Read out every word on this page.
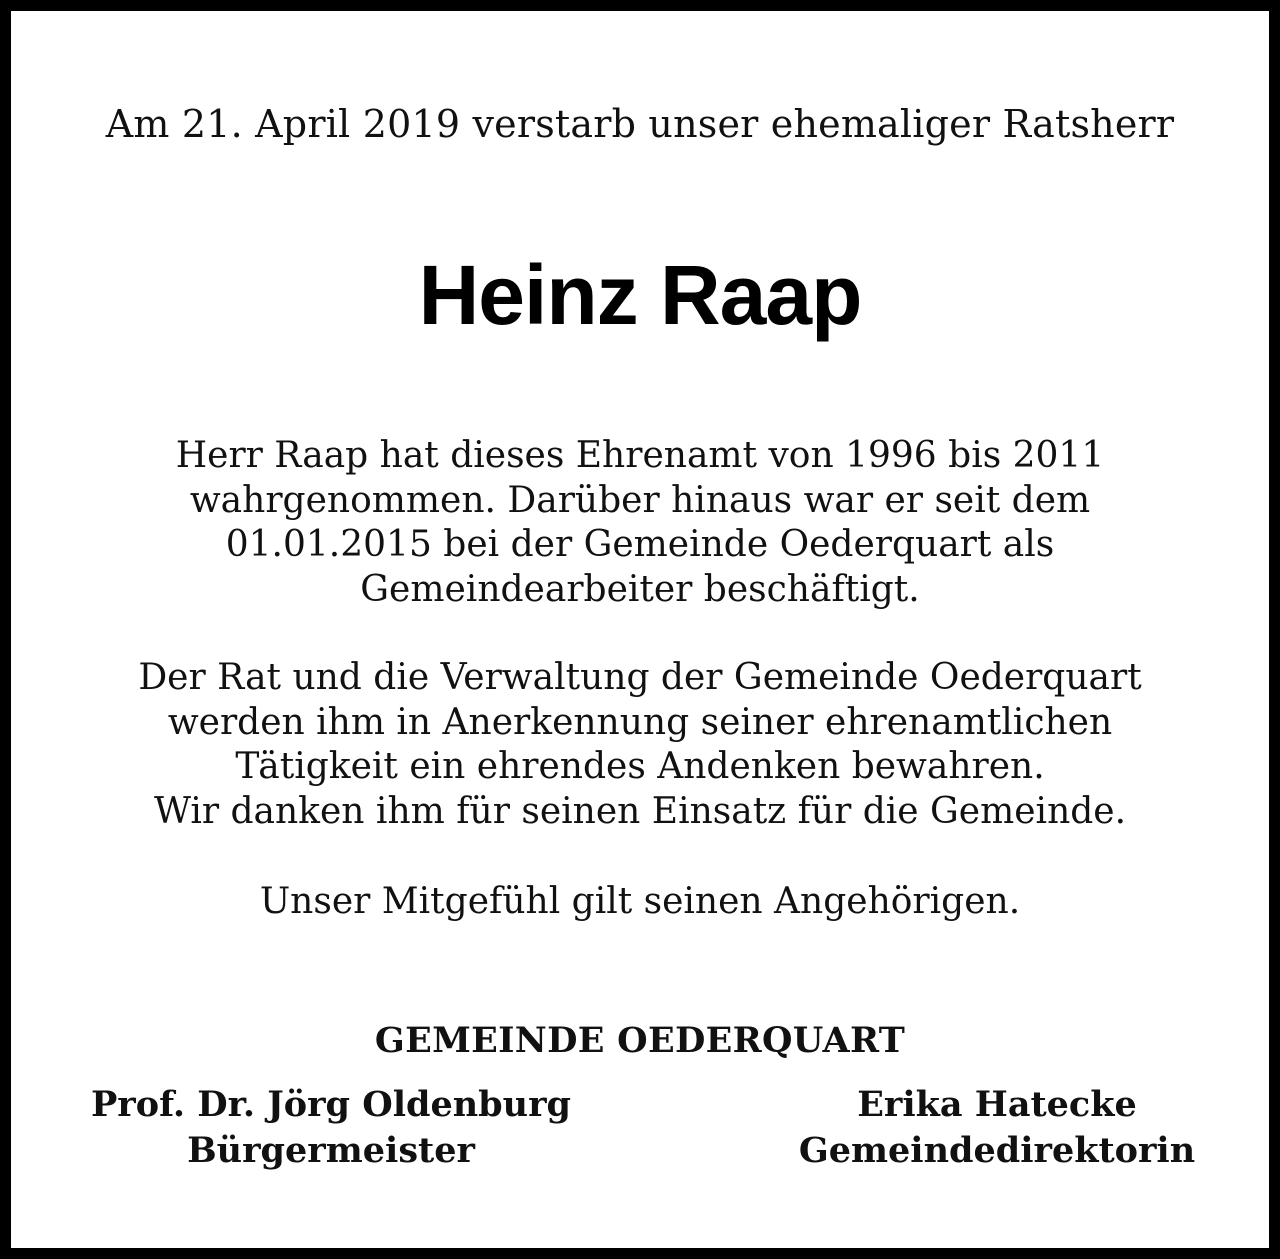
Am 21. April 2019 verstarb unser ehemaliger Ratsherr
Heinz Raap
Herr Raap hat dieses Ehrenamt von 1996 bis 2011
wahrgenommen. Darüber hinaus war er seit dem
01.01.2015 bei der Gemeinde Oederquart als
Gemeindearbeiter beschäftigt.
Der Rat und die Verwaltung der Gemeinde Oederquart
werden ihm in Anerkennung seiner ehrenamtlichen
Tätigkeit ein ehrendes Andenken bewahren.
Wir danken ihm für seinen Einsatz für die Gemeinde.
Unser Mitgefühl gilt seinen Angehörigen.
GEMEINDE OEDERQUART
Prof. Dr. Jörg Oldenburg
Bürgermeister
Erika Hatecke
Gemeindedirektorin
